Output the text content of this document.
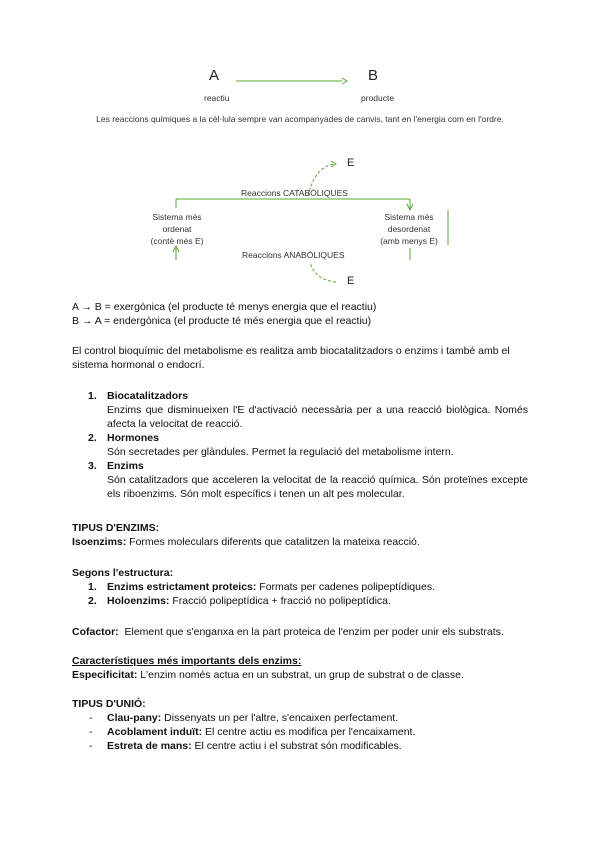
A	B
reactiu	producte
Les reaccions químiques a la cèl·lula sempre van acompanyades de canvis, tant en l'energia com en l'ordre.
E
E
Reaccions CATABÒLIQUES
Reaccions ANABÒLIQUES
Sistema més
ordenat
(contè més E)
Sistema més
desordenat
(amb menys E)
A → B = exergònica (el producte té menys energia que el reactiu)
B → A = endergònica (el producte té més energia que el reactiu)
El control bioquímic del metabolisme es realitza amb biocatalitzadors o enzims i també amb el sistema hormonal o endocrí.
1. Biocatalitzadors
Enzims que disminueixen l'E d'activació necessària per a una reacció biològica. Només afecta la velocitat de reacció.
2. Hormones
Són secretades per glàndules. Permet la regulació del metabolisme intern.
3. Enzims
Són catalitzadors que acceleren la velocitat de la reacció química. Són proteïnes excepte els riboenzims. Són molt específics i tenen un alt pes molecular.
TIPUS D'ENZIMS:
Isoenzims: Formes moleculars diferents que catalitzen la mateixa reacció.
Segons l'estructura:
1. Enzims estrictament proteics: Formats per cadenes polipeptídiques.
2. Holoenzims: Fracció polipeptídica + fracció no polipeptídica.
Cofactor:  Element que s'enganxa en la part proteica de l'enzim per poder unir els substrats.
Característiques més importants dels enzims:
Especificitat: L'enzim només actua en un substrat, un grup de substrat o de classe.
TIPUS D'UNIÓ:
- Clau-pany: Dissenyats un per l'altre, s'encaixen perfectament.
- Acoblament induït: El centre actiu es modifica per l'encaixament.
- Estreta de mans: El centre actiu i el substrat són modificables.
